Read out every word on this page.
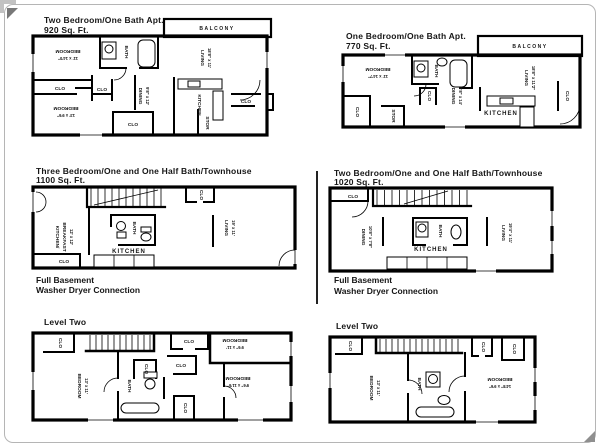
Two Bedroom/One Bath Apt.
920 Sq. Ft.	BALCONY
BEDROOM
11' x 14'0"
BATH	LIVING 18'8" x 11'
CLO	CLO
CLO
CLO
BEDROOM
13' x 9'6"
DINING 9'8" x 12'	KITCHEN
STOR
One Bedroom/One Bath Apt.
770 Sq. Ft.	BALCONY
BEDROOM
11' x 14'7"	BATH	LIVING 18'8" x 11'2"
DINING 8'8" x 14'
KITCHEN
CLO	STOR
CLO	CLO
Three Bedroom/One and One Half Bath/Townhouse
1100 Sq. Ft.
CLO
KITCHEN/ BREAKFAST 12' x 12'
BATH
KITCHEN
LIVING 19' x 11'
CLO
Full Basement
Washer Dryer Connection
Two Bedroom/One and One Half Bath/Townhouse
1020 Sq. Ft.
CLO
DINING 10'8" x 7'8"	BATH
KITCHEN
LIVING 19'4" x 11'
Full Basement
Washer Dryer Connection
Level Two
CLO	CLO
BEDROOM
9'6" x 11'
CLO	CLO
BEDROOM 13' x 11'	BATH
BEDROOM
9'6" x 11'6"
CLO
Level Two
CLO	CLO	CLO
BEDROOM 13' x 11'	BATH	BEDROOM
14'8" x 9'6"
